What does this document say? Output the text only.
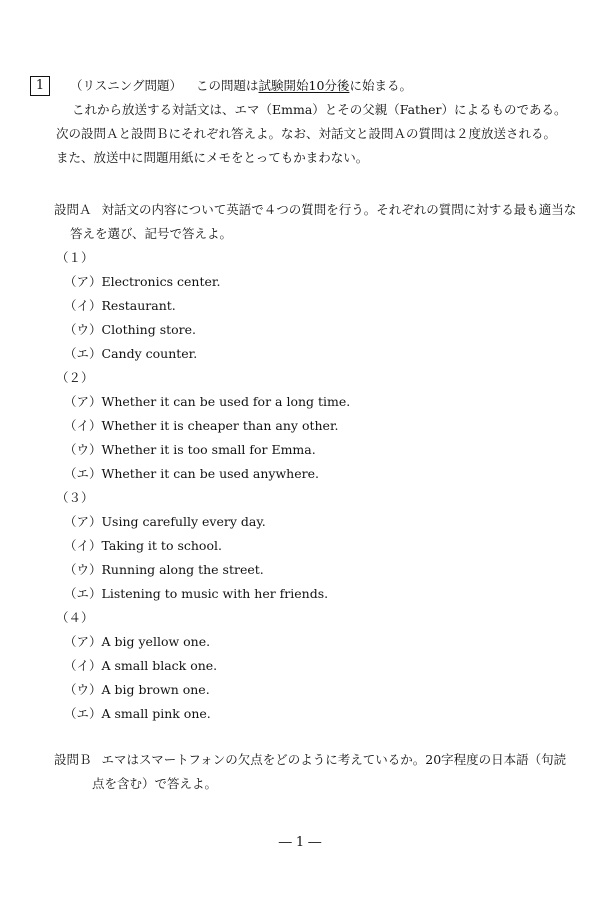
1	（リスニング問題） この問題は試験開始10分後に始まる。
これから放送する対話文は、エマ（Emma）とその父親（Father）によるものである。
次の設問Ａと設問Ｂにそれぞれ答えよ。なお、対話文と設問Ａの質問は２度放送される。
また、放送中に問題用紙にメモをとってもかまわない。
設問Ａ 対話文の内容について英語で４つの質問を行う。それぞれの質問に対する最も適当な
答えを選び、記号で答えよ。
（１）
（ア）Electronics center.
（イ）Restaurant.
（ウ）Clothing store.
（エ）Candy counter.
（２）
（ア）Whether it can be used for a long time.
（イ）Whether it is cheaper than any other.
（ウ）Whether it is too small for Emma.
（エ）Whether it can be used anywhere.
（３）
（ア）Using carefully every day.
（イ）Taking it to school.
（ウ）Running along the street.
（エ）Listening to music with her friends.
（４）
（ア）A big yellow one.
（イ）A small black one.
（ウ）A big brown one.
（エ）A small pink one.
設問Ｂ エマはスマートフォンの欠点をどのように考えているか。20字程度の日本語（句読
点を含む）で答えよ。
― 1 ―
